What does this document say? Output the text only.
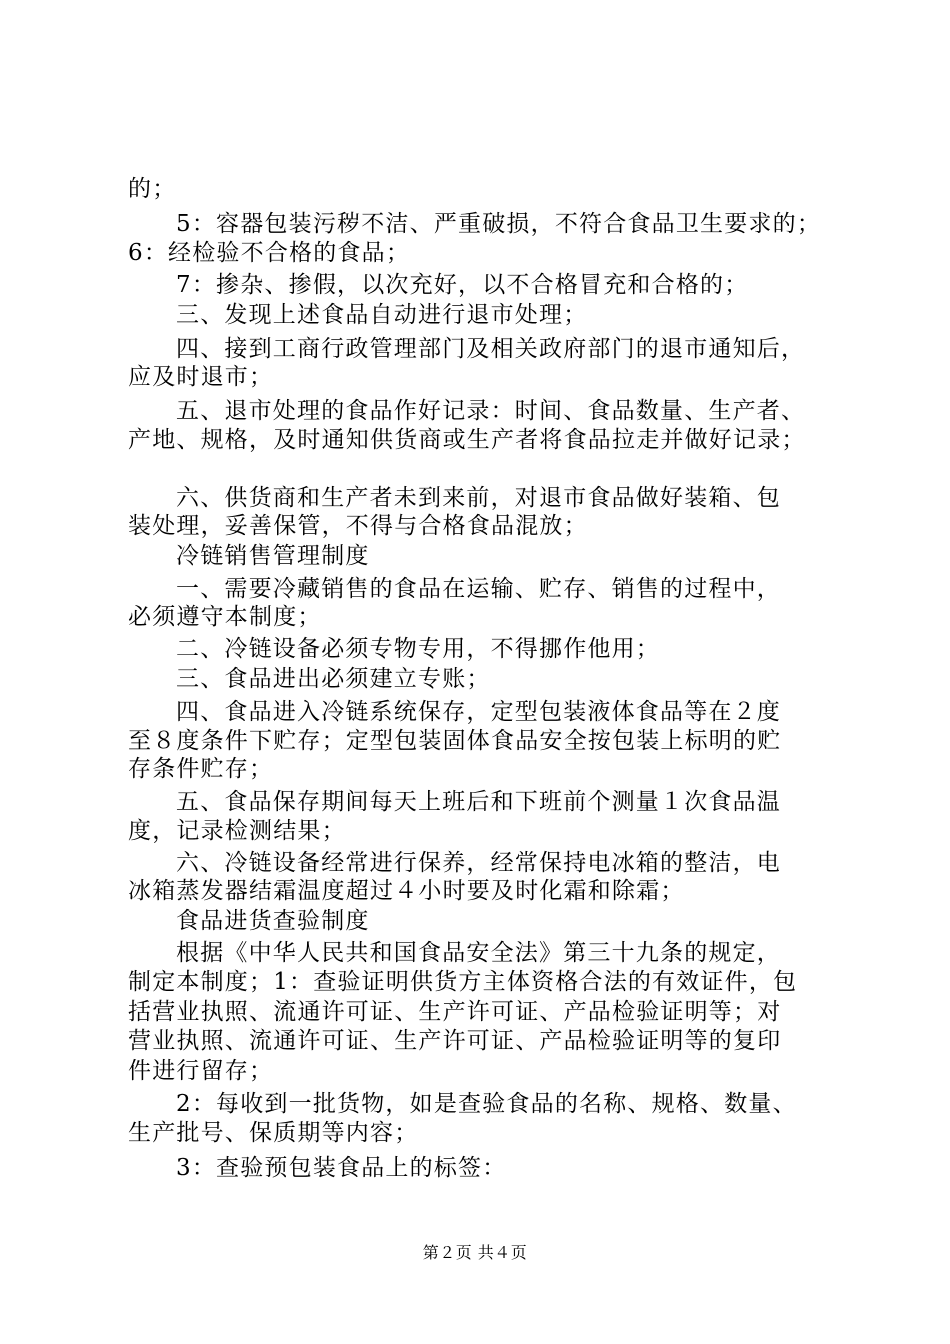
的；
5：容器包装污秽不洁、严重破损，不符合食品卫生要求的；
6：经检验不合格的食品；
7：掺杂、掺假，以次充好，以不合格冒充和合格的；
三、发现上述食品自动进行退市处理；
四、接到工商行政管理部门及相关政府部门的退市通知后，
应及时退市；
五、退市处理的食品作好记录：时间、食品数量、生产者、
产地、规格，及时通知供货商或生产者将食品拉走并做好记录；
六、供货商和生产者未到来前，对退市食品做好装箱、包
装处理，妥善保管，不得与合格食品混放；
冷链销售管理制度
一、需要冷藏销售的食品在运输、贮存、销售的过程中，
必须遵守本制度；
二、冷链设备必须专物专用，不得挪作他用；
三、食品进出必须建立专账；
四、食品进入冷链系统保存，定型包装液体食品等在２度
至８度条件下贮存；定型包装固体食品安全按包装上标明的贮
存条件贮存；
五、食品保存期间每天上班后和下班前个测量１次食品温
度，记录检测结果；
六、冷链设备经常进行保养，经常保持电冰箱的整洁，电
冰箱蒸发器结霜温度超过４小时要及时化霜和除霜；
食品进货查验制度
根据《中华人民共和国食品安全法》第三十九条的规定，
制定本制度；1：查验证明供货方主体资格合法的有效证件，包
括营业执照、流通许可证、生产许可证、产品检验证明等；对
营业执照、流通许可证、生产许可证、产品检验证明等的复印
件进行留存；
2：每收到一批货物，如是查验食品的名称、规格、数量、
生产批号、保质期等内容；
3：查验预包装食品上的标签：
第２页 共４页
